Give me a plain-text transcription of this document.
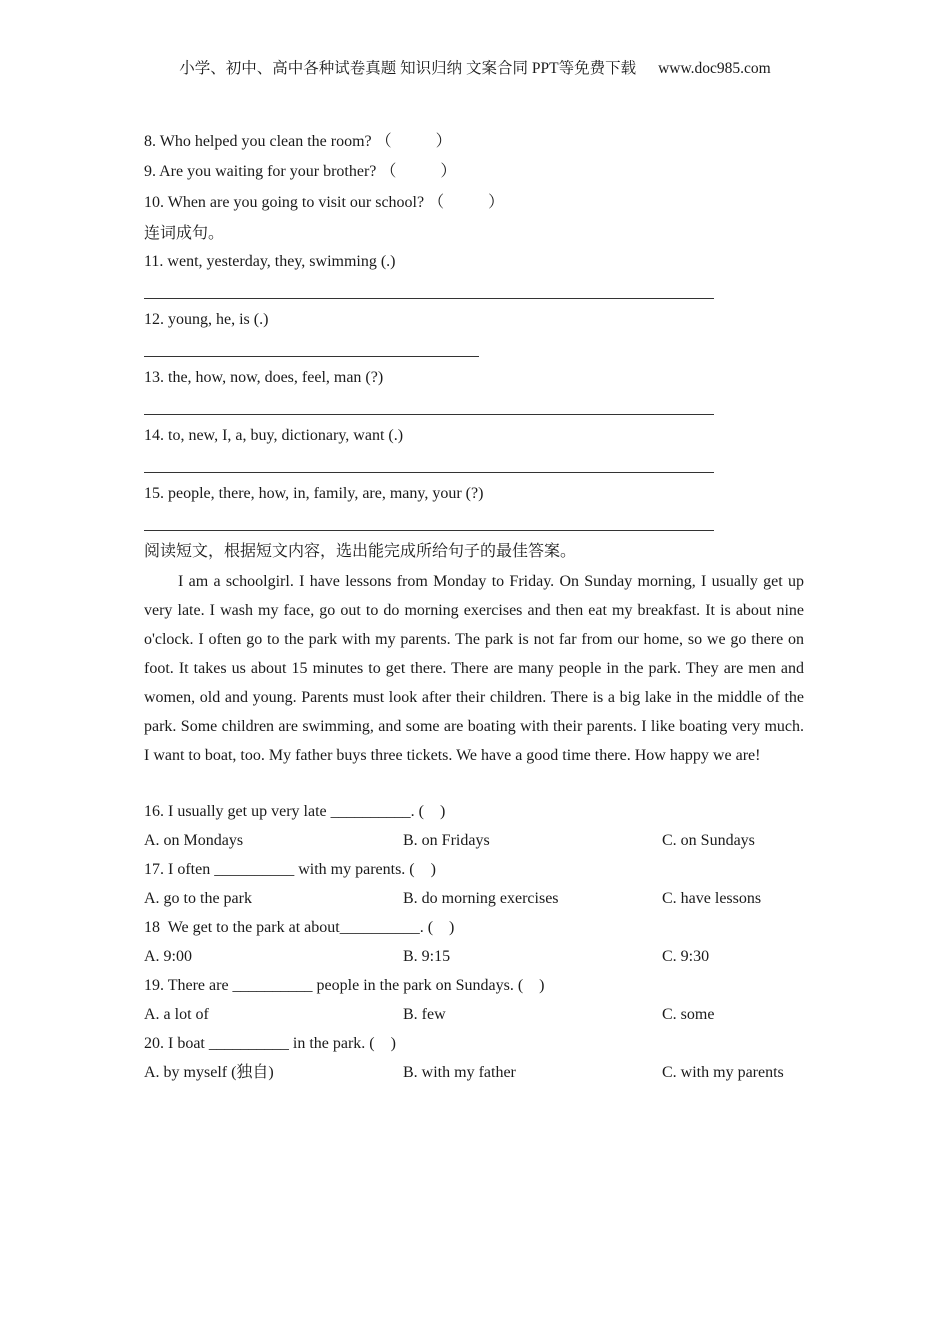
小学、初中、高中各种试卷真题 知识归纳 文案合同 PPT等免费下载 www.doc985.com
8. Who helped you clean the room? （           ）
9. Are you waiting for your brother? （           ）
10. When are you going to visit our school? （           ）
连词成句。
11. went, yesterday, they, swimming (.)
12. young, he, is (.)
13. the, how, now, does, feel, man (?)
14. to, new, I, a, buy, dictionary, want (.)
15. people, there, how, in, family, are, many, your (?)
阅读短文，根据短文内容，选出能完成所给句子的最佳答案。
I am a schoolgirl. I have lessons from Monday to Friday. On Sunday morning, I usually get up very late. I wash my face, go out to do morning exercises and then eat my breakfast. It is about nine o'clock. I often go to the park with my parents. The park is not far from our home, so we go there on foot. It takes us about 15 minutes to get there. There are many people in the park. They are men and women, old and young. Parents must look after their children. There is a big lake in the middle of the park. Some children are swimming, and some are boating with their parents. I like boating very much. I want to boat, too. My father buys three tickets. We have a good time there. How happy we are!
16. I usually get up very late __________. (    )
A. on Mondays	B. on Fridays	C. on Sundays
17. I often __________ with my parents. (    )
A. go to the park	B. do morning exercises	C. have lessons
18  We get to the park at about__________. (    )
A. 9:00	B. 9:15	C. 9:30
19. There are __________ people in the park on Sundays. (    )
A. a lot of	B. few	C. some
20. I boat __________ in the park. (    )
A. by myself (独自)	B. with my father	C. with my parents
